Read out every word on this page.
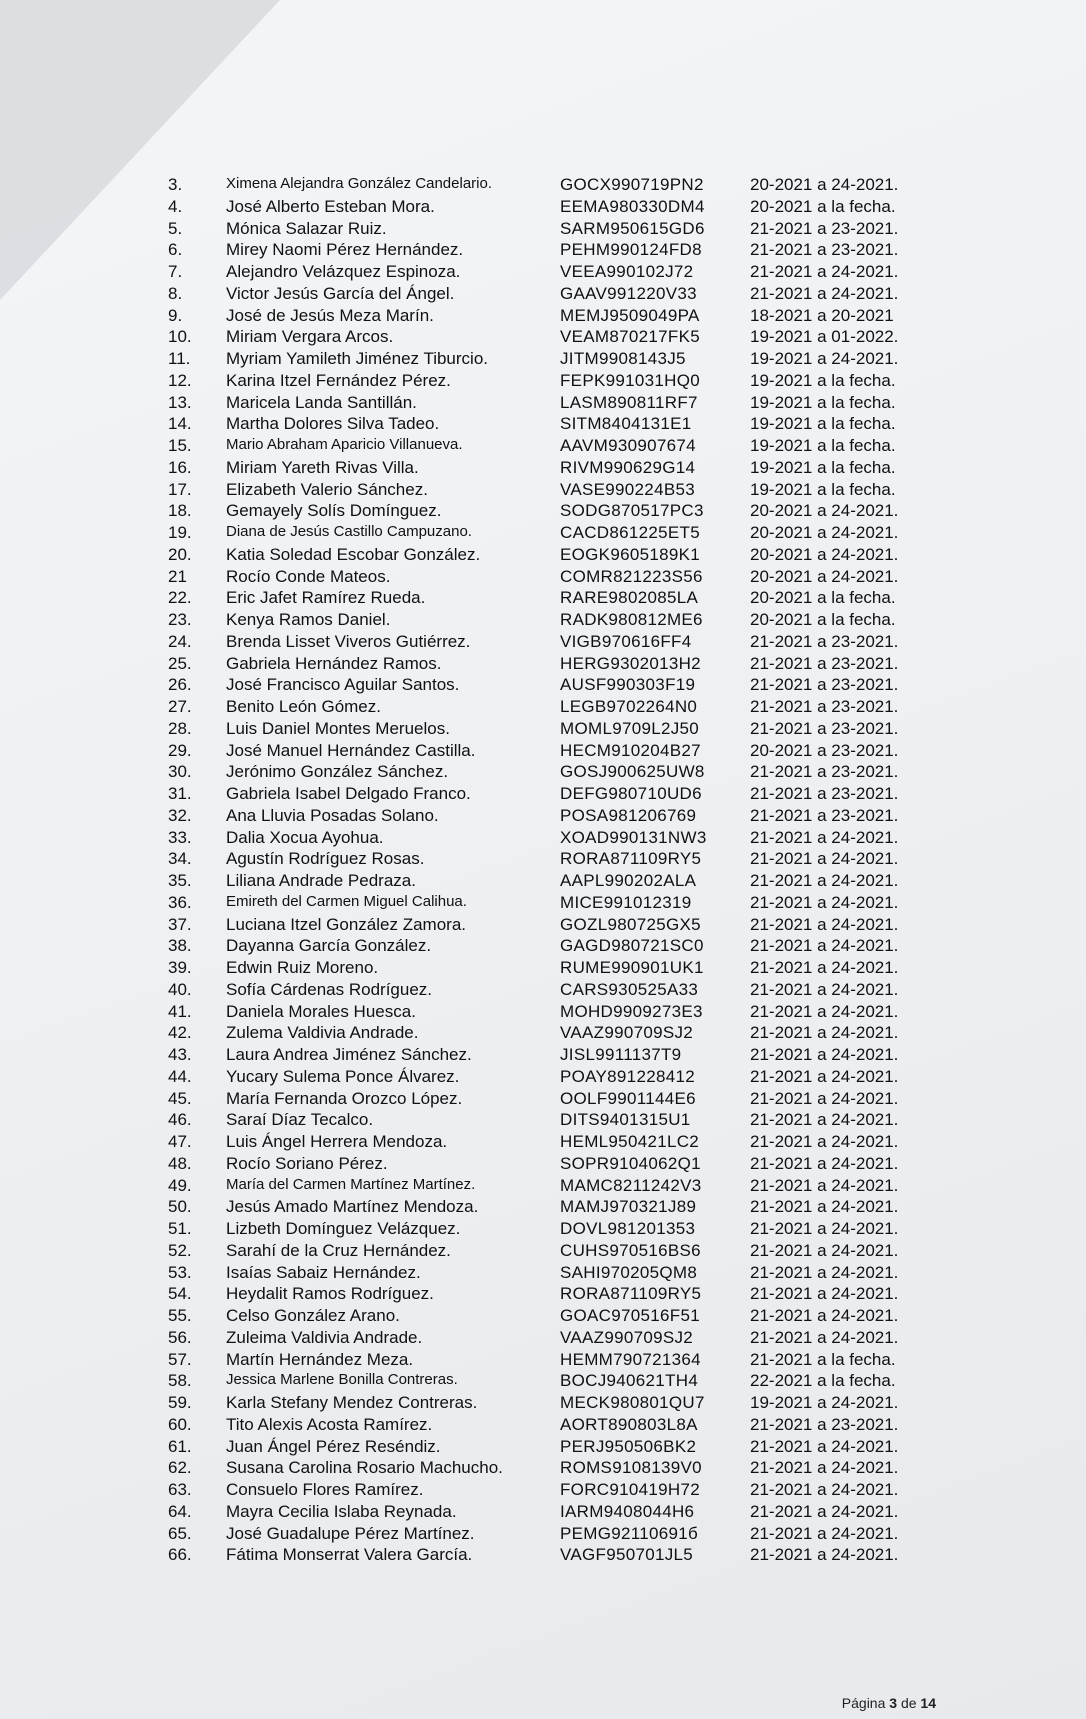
3.	Ximena Alejandra González Candelario.	GOCX990719PN2	20-2021 a 24-2021.
4.	José Alberto Esteban Mora.	EEMA980330DM4	20-2021 a la fecha.
5.	Mónica Salazar Ruiz.	SARM950615GD6	21-2021 a 23-2021.
6.	Mirey Naomi Pérez Hernández.	PEHM990124FD8	21-2021 a 23-2021.
7.	Alejandro Velázquez Espinoza.	VEEA990102J72	21-2021 a 24-2021.
8.	Victor Jesús García del Ángel.	GAAV991220V33	21-2021 a 24-2021.
9.	José de Jesús Meza Marín.	MEMJ9509049PA	18-2021 a 20-2021
10.	Miriam Vergara Arcos.	VEAM870217FK5	19-2021 a 01-2022.
11.	Myriam Yamileth Jiménez Tiburcio.	JITM9908143J5	19-2021 a 24-2021.
12.	Karina Itzel Fernández Pérez.	FEPK991031HQ0	19-2021 a la fecha.
13.	Maricela Landa Santillán.	LASM890811RF7	19-2021 a la fecha.
14.	Martha Dolores Silva Tadeo.	SITM8404131E1	19-2021 a la fecha.
15.	Mario Abraham Aparicio Villanueva.	AAVM930907674	19-2021 a la fecha.
16.	Miriam Yareth Rivas Villa.	RIVM990629G14	19-2021 a la fecha.
17.	Elizabeth Valerio Sánchez.	VASE990224B53	19-2021 a la fecha.
18.	Gemayely Solís Domínguez.	SODG870517PC3	20-2021 a 24-2021.
19.	Diana de Jesús Castillo Campuzano.	CACD861225ET5	20-2021 a 24-2021.
20.	Katia Soledad Escobar González.	EOGK9605189K1	20-2021 a 24-2021.
21	Rocío Conde Mateos.	COMR821223S56	20-2021 a 24-2021.
22.	Eric Jafet Ramírez Rueda.	RARE9802085LA	20-2021 a la fecha.
23.	Kenya Ramos Daniel.	RADK980812ME6	20-2021 a la fecha.
24.	Brenda Lisset Viveros Gutiérrez.	VIGB970616FF4	21-2021 a 23-2021.
25.	Gabriela Hernández Ramos.	HERG9302013H2	21-2021 a 23-2021.
26.	José Francisco Aguilar Santos.	AUSF990303F19	21-2021 a 23-2021.
27.	Benito León Gómez.	LEGB9702264N0	21-2021 a 23-2021.
28.	Luis Daniel Montes Meruelos.	MOML9709L2J50	21-2021 a 23-2021.
29.	José Manuel Hernández Castilla.	HECM910204B27	20-2021 a 23-2021.
30.	Jerónimo González Sánchez.	GOSJ900625UW8	21-2021 a 23-2021.
31.	Gabriela Isabel Delgado Franco.	DEFG980710UD6	21-2021 a 23-2021.
32.	Ana Lluvia Posadas Solano.	POSA981206769	21-2021 a 23-2021.
33.	Dalia Xocua Ayohua.	XOAD990131NW3	21-2021 a 24-2021.
34.	Agustín Rodríguez Rosas.	RORA871109RY5	21-2021 a 24-2021.
35.	Liliana Andrade Pedraza.	AAPL990202ALA	21-2021 a 24-2021.
36.	Emireth del Carmen Miguel Calihua.	MICE991012319	21-2021 a 24-2021.
37.	Luciana Itzel González Zamora.	GOZL980725GX5	21-2021 a 24-2021.
38.	Dayanna García González.	GAGD980721SC0	21-2021 a 24-2021.
39.	Edwin Ruiz Moreno.	RUME990901UK1	21-2021 a 24-2021.
40.	Sofía Cárdenas Rodríguez.	CARS930525A33	21-2021 a 24-2021.
41.	Daniela Morales Huesca.	MOHD9909273E3	21-2021 a 24-2021.
42.	Zulema Valdivia Andrade.	VAAZ990709SJ2	21-2021 a 24-2021.
43.	Laura Andrea Jiménez Sánchez.	JISL9911137T9	21-2021 a 24-2021.
44.	Yucary Sulema Ponce Álvarez.	POAY891228412	21-2021 a 24-2021.
45.	María Fernanda Orozco López.	OOLF9901144E6	21-2021 a 24-2021.
46.	Saraí Díaz Tecalco.	DITS9401315U1	21-2021 a 24-2021.
47.	Luis Ángel Herrera Mendoza.	HEML950421LC2	21-2021 a 24-2021.
48.	Rocío Soriano Pérez.	SOPR9104062Q1	21-2021 a 24-2021.
49.	María del Carmen Martínez Martínez.	MAMC8211242V3	21-2021 a 24-2021.
50.	Jesús Amado Martínez Mendoza.	MAMJ970321J89	21-2021 a 24-2021.
51.	Lizbeth Domínguez Velázquez.	DOVL981201353	21-2021 a 24-2021.
52.	Sarahí de la Cruz Hernández.	CUHS970516BS6	21-2021 a 24-2021.
53.	Isaías Sabaiz Hernández.	SAHI970205QM8	21-2021 a 24-2021.
54.	Heydalit Ramos Rodríguez.	RORA871109RY5	21-2021 a 24-2021.
55.	Celso González Arano.	GOAC970516F51	21-2021 a 24-2021.
56.	Zuleima Valdivia Andrade.	VAAZ990709SJ2	21-2021 a 24-2021.
57.	Martín Hernández Meza.	HEMM790721364	21-2021 a la fecha.
58.	Jessica Marlene Bonilla Contreras.	BOCJ940621TH4	22-2021 a la fecha.
59.	Karla Stefany Mendez Contreras.	MECK980801QU7	19-2021 a 24-2021.
60.	Tito Alexis Acosta Ramírez.	AORT890803L8A	21-2021 a 23-2021.
61.	Juan Ángel Pérez Reséndiz.	PERJ950506BK2	21-2021 a 24-2021.
62.	Susana Carolina Rosario Machucho.	ROMS9108139V0	21-2021 a 24-2021.
63.	Consuelo Flores Ramírez.	FORC910419H72	21-2021 a 24-2021.
64.	Mayra Cecilia Islaba Reynada.	IARM9408044H6	21-2021 a 24-2021.
65.	José Guadalupe Pérez Martínez.	PEMG92110691б	21-2021 a 24-2021.
66.	Fátima Monserrat Valera García.	VAGF950701JL5	21-2021 a 24-2021.
Página 3 de 14
